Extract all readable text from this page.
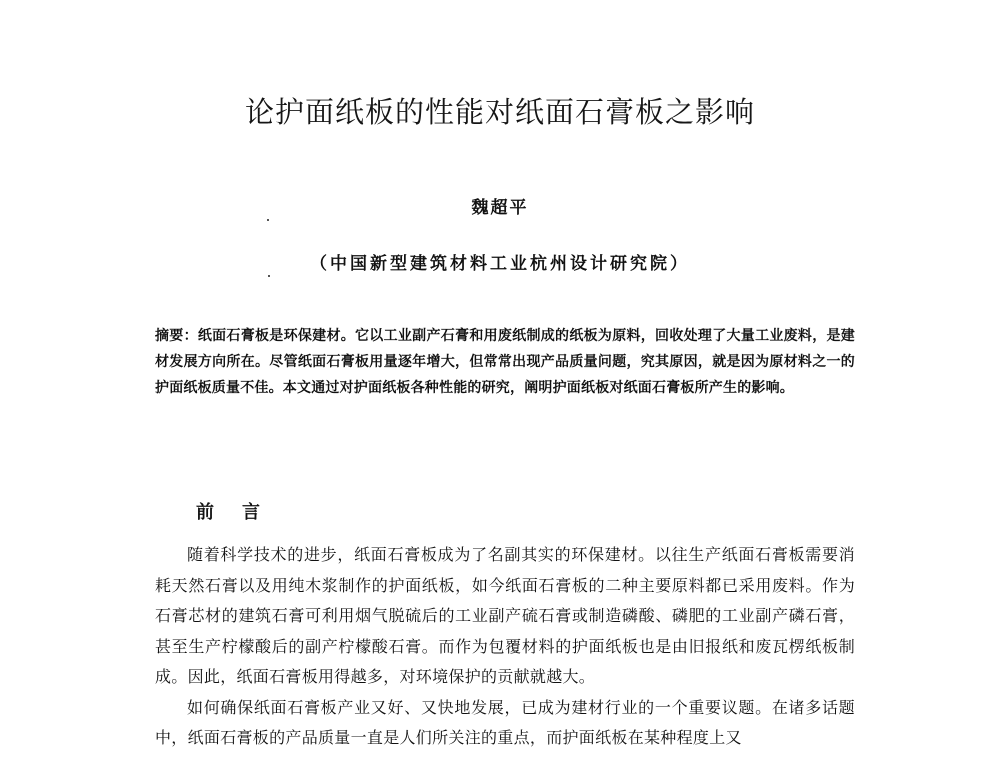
论护面纸板的性能对纸面石膏板之影响
魏超平
（中国新型建筑材料工业杭州设计研究院）
摘要：纸面石膏板是环保建材。它以工业副产石膏和用废纸制成的纸板为原料，回收处理了大量工业废料，是建材发展方向所在。尽管纸面石膏板用量逐年增大，但常常出现产品质量问题，究其原因，就是因为原材料之一的护面纸板质量不佳。本文通过对护面纸板各种性能的研究，阐明护面纸板对纸面石膏板所产生的影响。
前言

随着科学技术的进步，纸面石膏板成为了名副其实的环保建材。以往生产纸面石膏板需要消耗天然石膏以及用纯木浆制作的护面纸板，如今纸面石膏板的二种主要原料都已采用废料。作为石膏芯材的建筑石膏可利用烟气脱硫后的工业副产硫石膏或制造磷酸、磷肥的工业副产磷石膏，甚至生产柠檬酸后的副产柠檬酸石膏。而作为包覆材料的护面纸板也是由旧报纸和废瓦楞纸板制成。因此，纸面石膏板用得越多，对环境保护的贡献就越大。

如何确保纸面石膏板产业又好、又快地发展，已成为建材行业的一个重要议题。在诸多话题中，纸面石膏板的产品质量一直是人们所关注的重点，而护面纸板在某种程度上又
